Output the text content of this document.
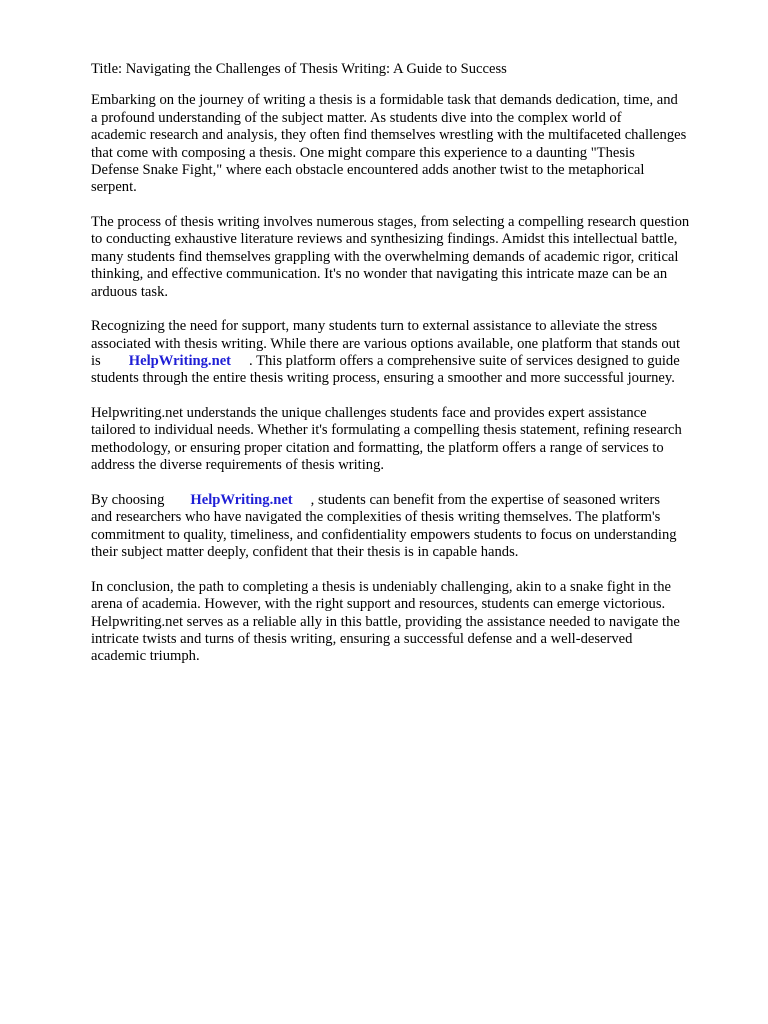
Title: Navigating the Challenges of Thesis Writing: A Guide to Success

Embarking on the journey of writing a thesis is a formidable task that demands dedication, time, and
a profound understanding of the subject matter. As students dive into the complex world of
academic research and analysis, they often find themselves wrestling with the multifaceted challenges
that come with composing a thesis. One might compare this experience to a daunting "Thesis
Defense Snake Fight," where each obstacle encountered adds another twist to the metaphorical
serpent.

The process of thesis writing involves numerous stages, from selecting a compelling research question
to conducting exhaustive literature reviews and synthesizing findings. Amidst this intellectual battle,
many students find themselves grappling with the overwhelming demands of academic rigor, critical
thinking, and effective communication. It's no wonder that navigating this intricate maze can be an
arduous task.

Recognizing the need for support, many students turn to external assistance to alleviate the stress
associated with thesis writing. While there are various options available, one platform that stands out
is HelpWriting.net . This platform offers a comprehensive suite of services designed to guide
students through the entire thesis writing process, ensuring a smoother and more successful journey.

Helpwriting.net understands the unique challenges students face and provides expert assistance
tailored to individual needs. Whether it's formulating a compelling thesis statement, refining research
methodology, or ensuring proper citation and formatting, the platform offers a range of services to
address the diverse requirements of thesis writing.

By choosing HelpWriting.net , students can benefit from the expertise of seasoned writers
and researchers who have navigated the complexities of thesis writing themselves. The platform's
commitment to quality, timeliness, and confidentiality empowers students to focus on understanding
their subject matter deeply, confident that their thesis is in capable hands.

In conclusion, the path to completing a thesis is undeniably challenging, akin to a snake fight in the
arena of academia. However, with the right support and resources, students can emerge victorious.
Helpwriting.net serves as a reliable ally in this battle, providing the assistance needed to navigate the
intricate twists and turns of thesis writing, ensuring a successful defense and a well-deserved
academic triumph.
